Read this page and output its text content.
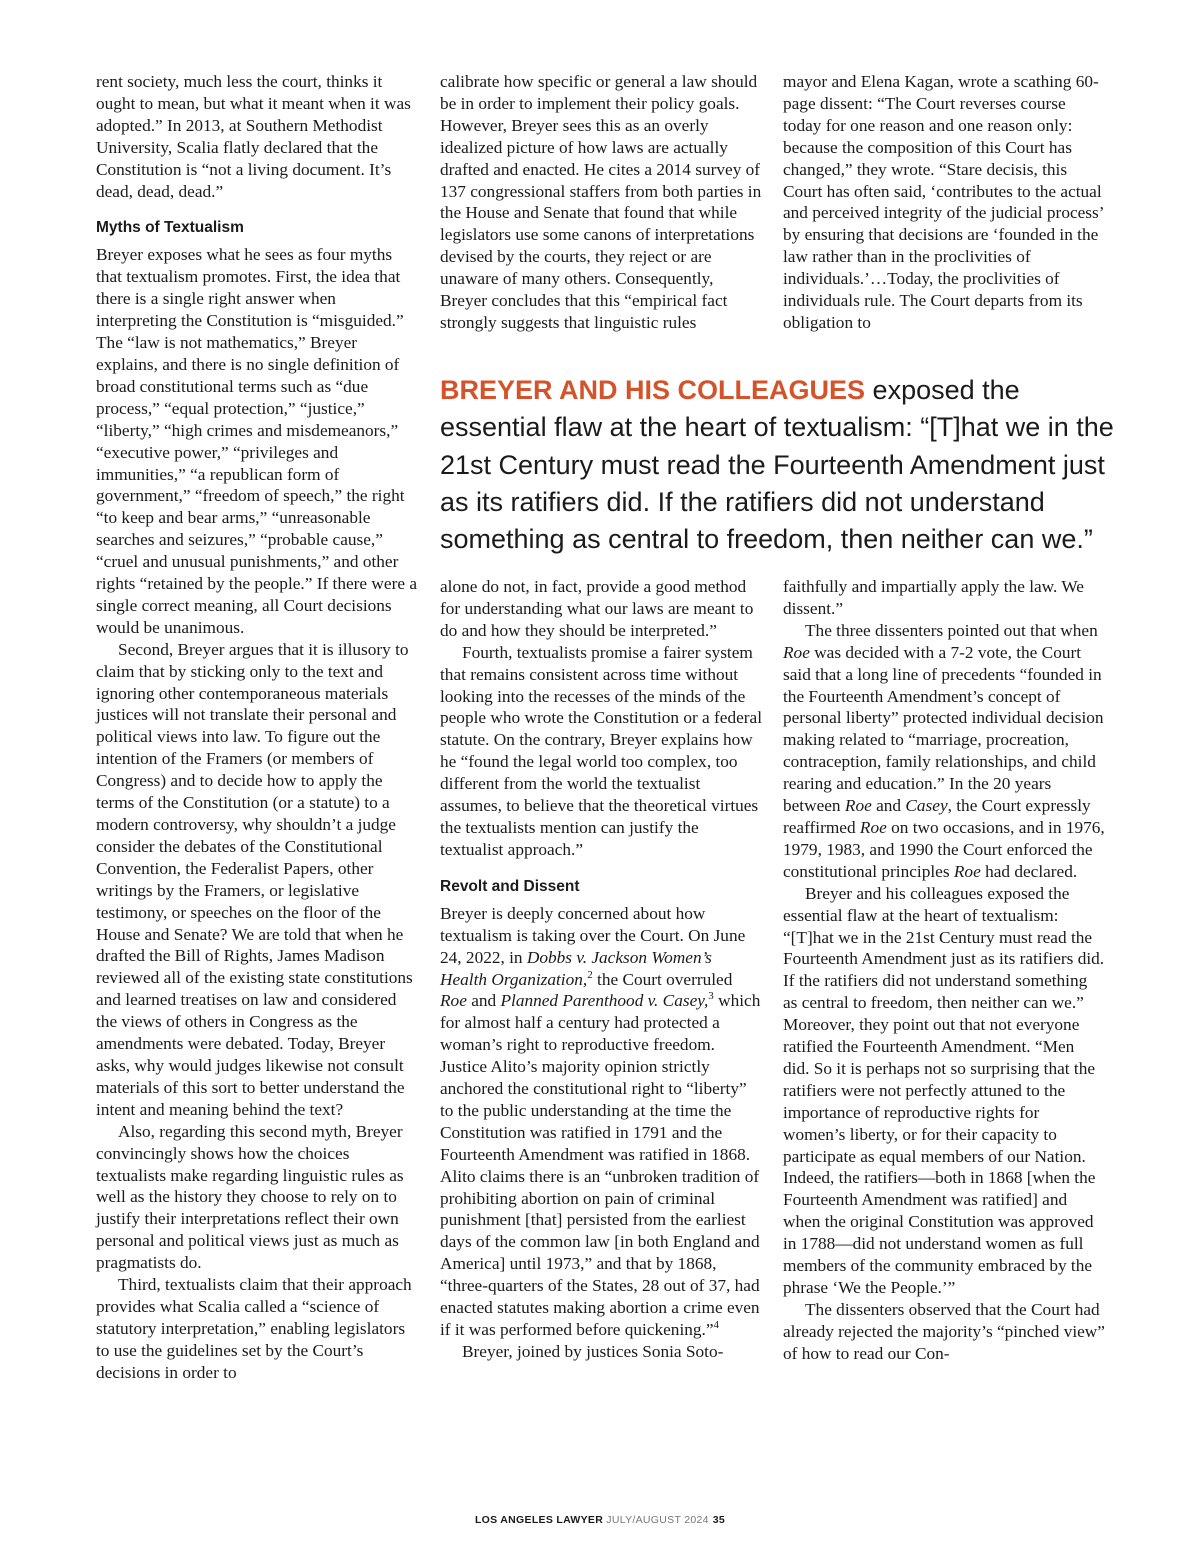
rent society, much less the court, thinks it ought to mean, but what it meant when it was adopted.” In 2013, at Southern Methodist University, Scalia flatly declared that the Constitution is “not a living document. It’s dead, dead, dead.”

Myths of Textualism

Breyer exposes what he sees as four myths that textualism promotes. First, the idea that there is a single right answer when interpreting the Constitution is “misguided.” The “law is not mathematics,” Breyer explains, and there is no single definition of broad constitutional terms such as “due process,” “equal protection,” “justice,” “liberty,” “high crimes and misdemeanors,” “executive power,” “privileges and immunities,” “a republican form of government,” “freedom of speech,” the right “to keep and bear arms,” “unreasonable searches and seizures,” “probable cause,” “cruel and unusual punishments,” and other rights “retained by the people.” If there were a single correct meaning, all Court decisions would be unanimous.

Second, Breyer argues that it is illusory to claim that by sticking only to the text and ignoring other contemporaneous materials justices will not translate their personal and political views into law. To figure out the intention of the Framers (or members of Congress) and to decide how to apply the terms of the Constitution (or a statute) to a modern controversy, why shouldn’t a judge consider the debates of the Constitutional Convention, the Federalist Papers, other writings by the Framers, or legislative testimony, or speeches on the floor of the House and Senate? We are told that when he drafted the Bill of Rights, James Madison reviewed all of the existing state constitutions and learned treatises on law and considered the views of others in Congress as the amendments were debated. Today, Breyer asks, why would judges likewise not consult materials of this sort to better understand the intent and meaning behind the text?

Also, regarding this second myth, Breyer convincingly shows how the choices textualists make regarding linguistic rules as well as the history they choose to rely on to justify their interpretations reflect their own personal and political views just as much as pragmatists do.

Third, textualists claim that their approach provides what Scalia called a “science of statutory interpretation,” enabling legislators to use the guidelines set by the Court’s decisions in order to

calibrate how specific or general a law should be in order to implement their policy goals. However, Breyer sees this as an overly idealized picture of how laws are actually drafted and enacted. He cites a 2014 survey of 137 congressional staffers from both parties in the House and Senate that found that while legislators use some canons of interpretations devised by the courts, they reject or are unaware of many others. Consequently, Breyer concludes that this “empirical fact strongly suggests that linguistic rules

mayor and Elena Kagan, wrote a scathing 60-page dissent: “The Court reverses course today for one reason and one reason only: because the composition of this Court has changed,” they wrote. “Stare decisis, this Court has often said, ‘contributes to the actual and perceived integrity of the judicial process’ by ensuring that decisions are ‘founded in the law rather than in the proclivities of individuals.’…Today, the proclivities of individuals rule. The Court departs from its obligation to

BREYER AND HIS COLLEAGUES exposed the essential flaw at the heart of textualism: “[T]hat we in the 21st Century must read the Fourteenth Amendment just as its ratifiers did. If the ratifiers did not understand something as central to freedom, then neither can we.”

alone do not, in fact, provide a good method for understanding what our laws are meant to do and how they should be interpreted.”

Fourth, textualists promise a fairer system that remains consistent across time without looking into the recesses of the minds of the people who wrote the Constitution or a federal statute. On the contrary, Breyer explains how he “found the legal world too complex, too different from the world the textualist assumes, to believe that the theoretical virtues the textualists mention can justify the textualist approach.”

Revolt and Dissent

Breyer is deeply concerned about how textualism is taking over the Court. On June 24, 2022, in Dobbs v. Jackson Women’s Health Organization,$^2$ the Court overruled Roe and Planned Parenthood v. Casey,$^3$ which for almost half a century had protected a woman’s right to reproductive freedom. Justice Alito’s majority opinion strictly anchored the constitutional right to “liberty” to the public understanding at the time the Constitution was ratified in 1791 and the Fourteenth Amendment was ratified in 1868. Alito claims there is an “unbroken tradition of prohibiting abortion on pain of criminal punishment [that] persisted from the earliest days of the common law [in both England and America] until 1973,” and that by 1868, “three-quarters of the States, 28 out of 37, had enacted statutes making abortion a crime even if it was performed before quickening.”$^4$

Breyer, joined by justices Sonia Soto-

faithfully and impartially apply the law. We dissent.”

The three dissenters pointed out that when Roe was decided with a 7-2 vote, the Court said that a long line of precedents “founded in the Fourteenth Amendment’s concept of personal liberty” protected individual decision making related to “marriage, procreation, contraception, family relationships, and child rearing and education.” In the 20 years between Roe and Casey, the Court expressly reaffirmed Roe on two occasions, and in 1976, 1979, 1983, and 1990 the Court enforced the constitutional principles Roe had declared.

Breyer and his colleagues exposed the essential flaw at the heart of textualism: “[T]hat we in the 21st Century must read the Fourteenth Amendment just as its ratifiers did. If the ratifiers did not understand something as central to freedom, then neither can we.” Moreover, they point out that not everyone ratified the Fourteenth Amendment. “Men did. So it is perhaps not so surprising that the ratifiers were not perfectly attuned to the importance of reproductive rights for women’s liberty, or for their capacity to participate as equal members of our Nation. Indeed, the ratifiers—both in 1868 [when the Fourteenth Amendment was ratified] and when the original Constitution was approved in 1788—did not understand women as full members of the community embraced by the phrase ‘We the People.’”

The dissenters observed that the Court had already rejected the majority’s “pinched view” of how to read our Con-

LOS ANGELES LAWYER JULY/AUGUST 2024 35
